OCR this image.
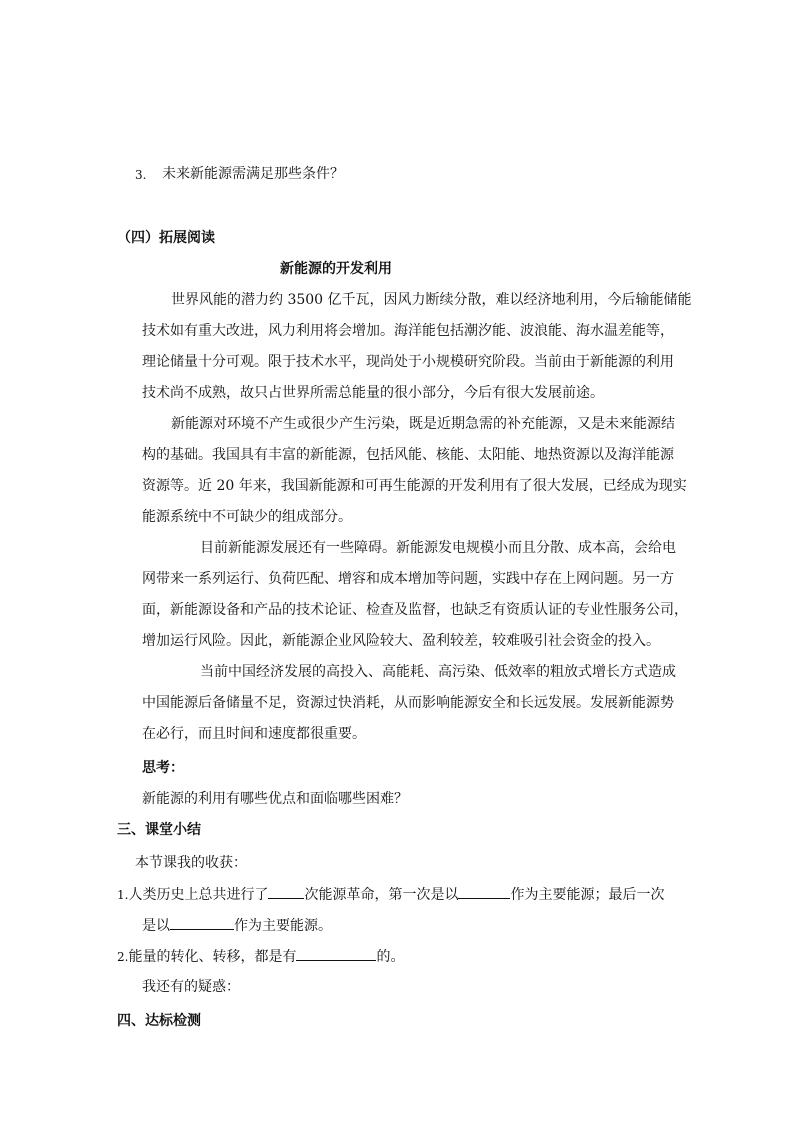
3. 未来新能源需满足那些条件？
（四）拓展阅读
新能源的开发利用
世界风能的潜力约 3500 亿千瓦，因风力断续分散，难以经济地利用，今后输能储能
技术如有重大改进，风力利用将会增加。海洋能包括潮汐能、波浪能、海水温差能等，
理论储量十分可观。限于技术水平，现尚处于小规模研究阶段。当前由于新能源的利用
技术尚不成熟，故只占世界所需总能量的很小部分，今后有很大发展前途。
新能源对环境不产生或很少产生污染，既是近期急需的补充能源，又是未来能源结
构的基础。我国具有丰富的新能源，包括风能、核能、太阳能、地热资源以及海洋能源
资源等。近 20 年来，我国新能源和可再生能源的开发利用有了很大发展，已经成为现实
能源系统中不可缺少的组成部分。
目前新能源发展还有一些障碍。新能源发电规模小而且分散、成本高，会给电
网带来一系列运行、负荷匹配、增容和成本增加等问题，实践中存在上网问题。另一方
面，新能源设备和产品的技术论证、检查及监督，也缺乏有资质认证的专业性服务公司，
增加运行风险。因此，新能源企业风险较大、盈利较差，较难吸引社会资金的投入。
当前中国经济发展的高投入、高能耗、高污染、低效率的粗放式增长方式造成
中国能源后备储量不足，资源过快消耗，从而影响能源安全和长远发展。发展新能源势
在必行，而且时间和速度都很重要。
思考：
新能源的利用有哪些优点和面临哪些困难？
三、课堂小结
本节课我的收获：
1.人类历史上总共进行了	次能源革命，第一次是以	作为主要能源；最后一次
是以	作为主要能源。
2.能量的转化、转移，都是有	的。
我还有的疑惑：
四、达标检测
